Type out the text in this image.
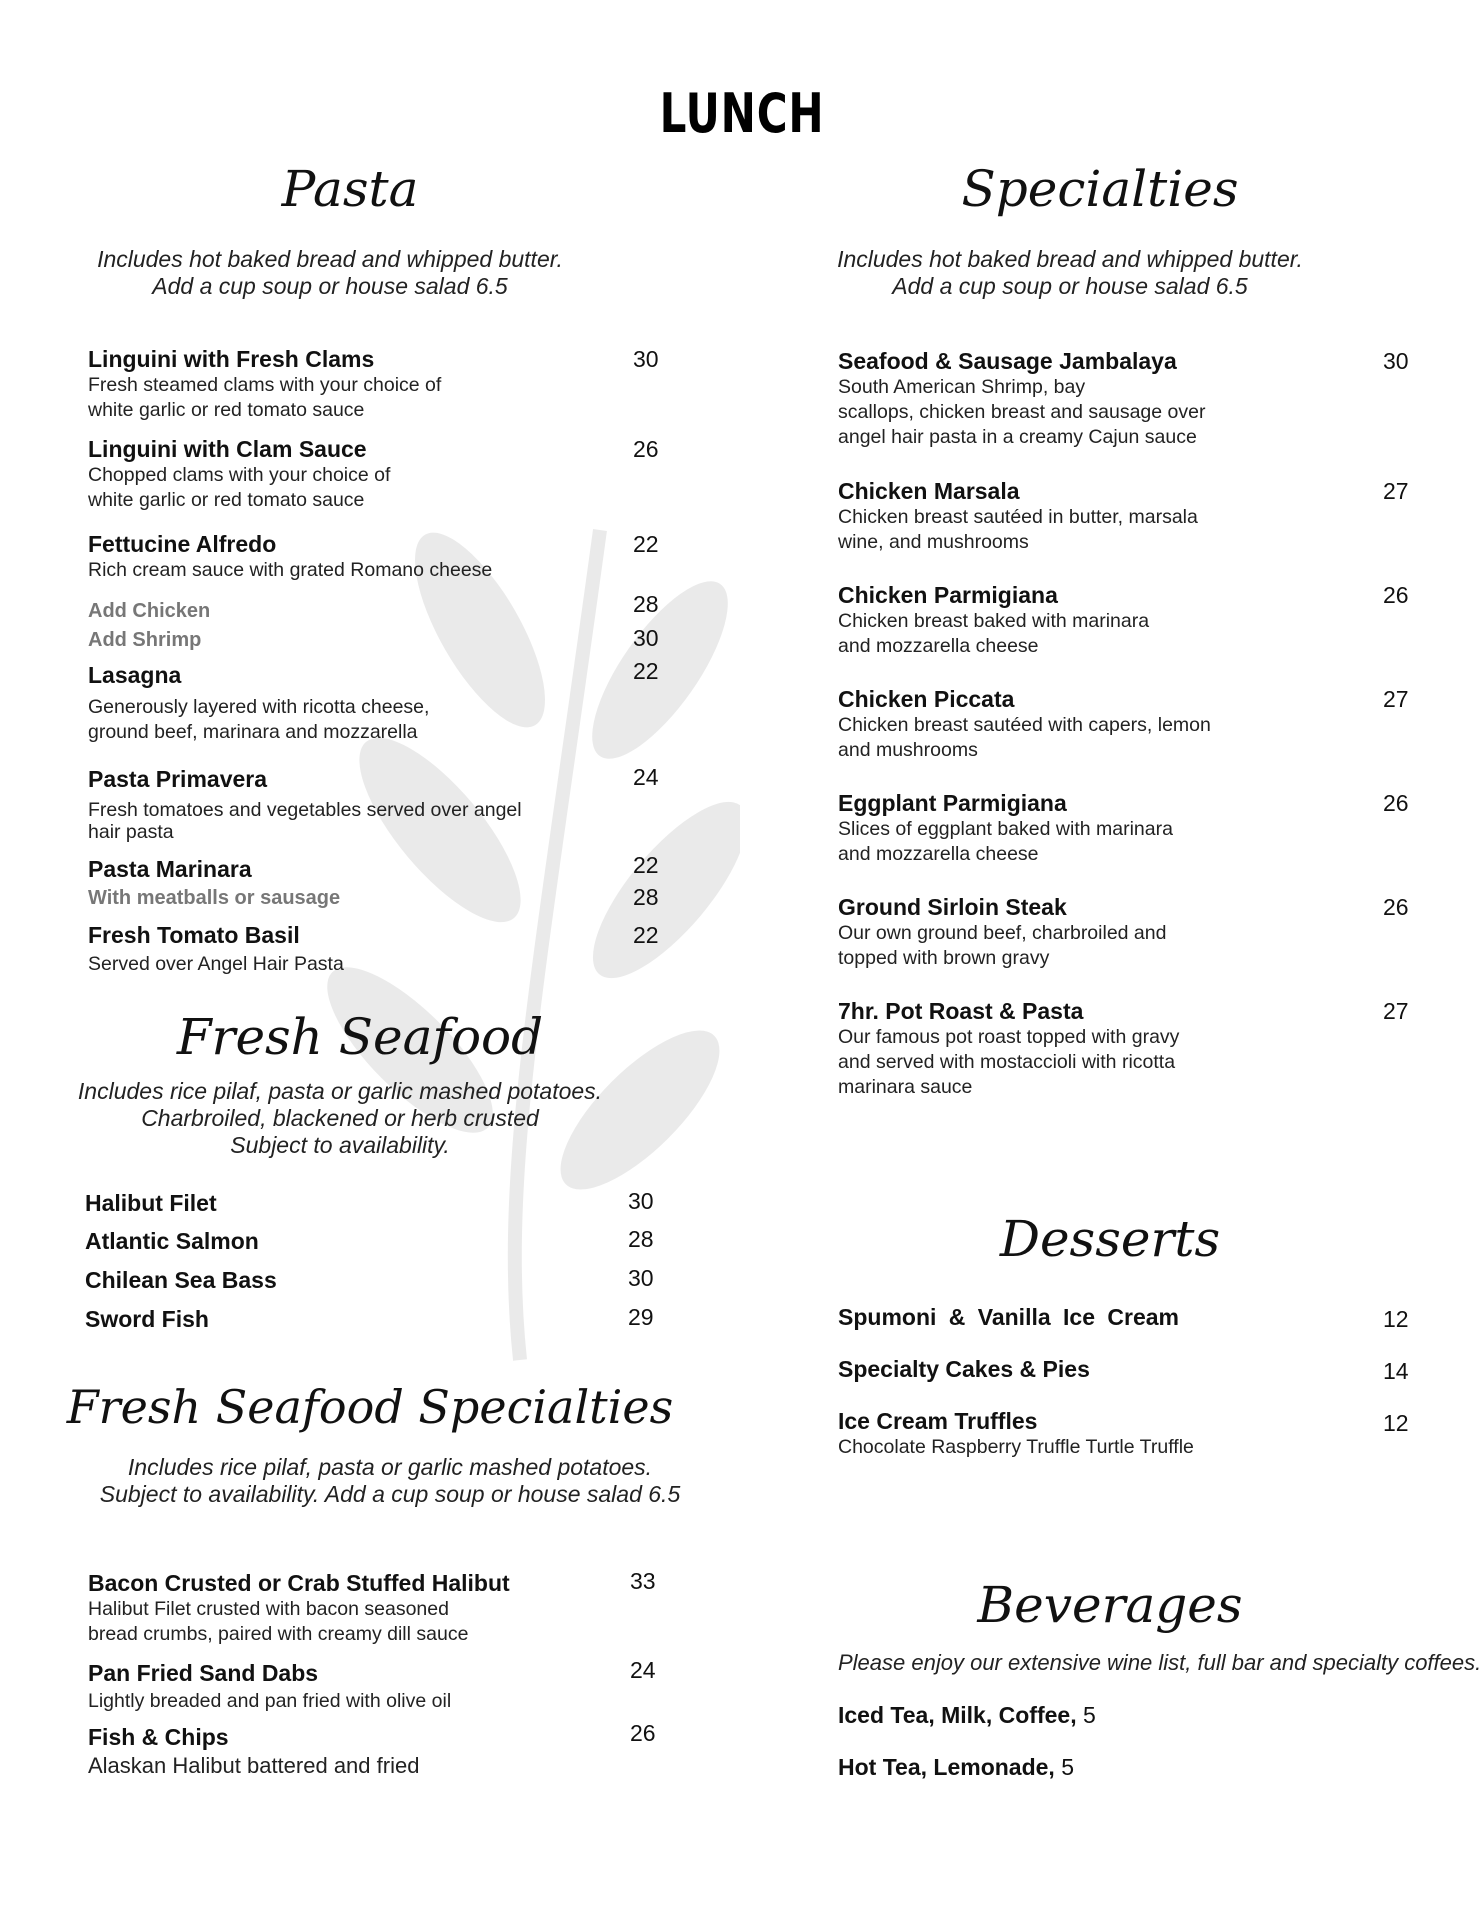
LUNCH
Pasta
Includes hot baked bread and whipped butter.
Add a cup soup or house salad 6.5
Linguini with Fresh Clams
Fresh steamed clams with your choice of
white garlic or red tomato sauce
30
Linguini with Clam Sauce
Chopped clams with your choice of
white garlic or red tomato sauce
26
Fettucine Alfredo
Rich cream sauce with grated Romano cheese
22
Add Chicken	28
Add Shrimp	30
Lasagna
Generously layered with ricotta cheese,
ground beef, marinara and mozzarella
22
Pasta Primavera
Fresh tomatoes and vegetables served over angel
hair pasta
24
Pasta Marinara	22
With meatballs or sausage	28
Fresh Tomato Basil
Served over Angel Hair Pasta
22
Fresh Seafood
Includes rice pilaf, pasta or garlic mashed potatoes.
Charbroiled, blackened or herb crusted
Subject to availability.
Halibut Filet	30
Atlantic Salmon	28
Chilean Sea Bass	30
Sword Fish	29
Fresh Seafood Specialties
Includes rice pilaf, pasta or garlic mashed potatoes.
Subject to availability. Add a cup soup or house salad 6.5
Bacon Crusted or Crab Stuffed Halibut
Halibut Filet crusted with bacon seasoned
bread crumbs, paired with creamy dill sauce
33
Pan Fried Sand Dabs
Lightly breaded and pan fried with olive oil
24
Fish & Chips
Alaskan Halibut battered and fried
26
Specialties
Includes hot baked bread and whipped butter.
Add a cup soup or house salad 6.5
Seafood & Sausage Jambalaya
South American Shrimp, bay
scallops, chicken breast and sausage over
angel hair pasta in a creamy Cajun sauce
30
Chicken Marsala
Chicken breast sautéed in butter, marsala
wine, and mushrooms
27
Chicken Parmigiana
Chicken breast baked with marinara
and mozzarella cheese
26
Chicken Piccata
Chicken breast sautéed with capers, lemon
and mushrooms
27
Eggplant Parmigiana
Slices of eggplant baked with marinara
and mozzarella cheese
26
Ground Sirloin Steak
Our own ground beef, charbroiled and
topped with brown gravy
26
7hr. Pot Roast & Pasta
Our famous pot roast topped with gravy
and served with mostaccioli with ricotta
marinara sauce
27
Desserts
Spumoni & Vanilla Ice Cream	12
Specialty Cakes & Pies	14
Ice Cream Truffles
Chocolate Raspberry Truffle Turtle Truffle
12
Beverages
Please enjoy our extensive wine list, full bar and specialty coffees.
Iced Tea, Milk, Coffee, 5
Hot Tea, Lemonade, 5
